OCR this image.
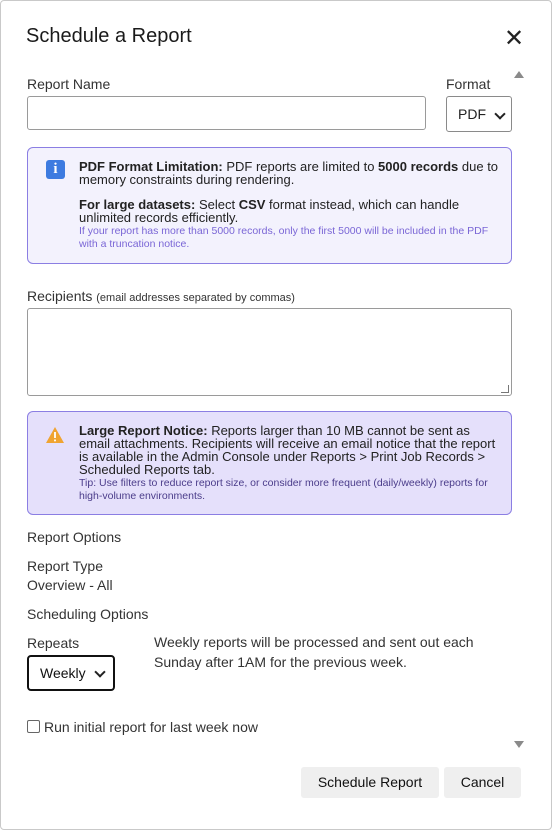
Schedule a Report	✕
Report Name	Format
PDF
i	PDF Format Limitation: PDF reports are limited to 5000 records due to memory constraints during rendering.
For large datasets: Select CSV format instead, which can handle unlimited records efficiently.
If your report has more than 5000 records, only the first 5000 will be included in the PDF with a truncation notice.
Recipients (email addresses separated by commas)
Large Report Notice: Reports larger than 10 MB cannot be sent as email attachments. Recipients will receive an email notice that the report is available in the Admin Console under Reports > Print Job Records > Scheduled Reports tab.
Tip: Use filters to reduce report size, or consider more frequent (daily/weekly) reports for high-volume environments.
Report Options
Report Type
Overview - All
Scheduling Options
Repeats
Weekly
Weekly reports will be processed and sent out each Sunday after 1AM for the previous week.
Run initial report for last week now
Schedule Report	Cancel
